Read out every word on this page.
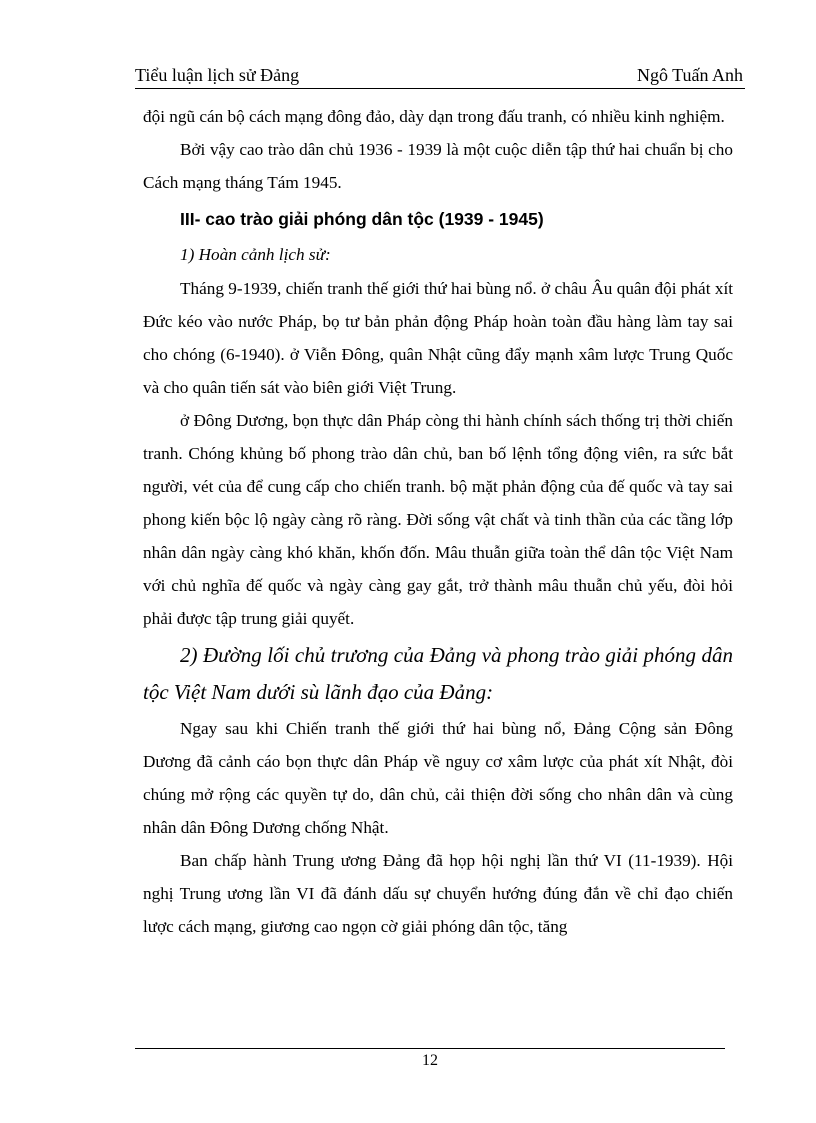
Tiểu luận lịch sử Đảng	Ngô Tuấn Anh

đội ngũ cán bộ cách mạng đông đảo, dày dạn trong đấu tranh, có nhiều kinh nghiệm.

Bởi vậy cao trào dân chủ 1936 - 1939 là một cuộc diễn tập thứ hai chuẩn bị cho Cách mạng tháng Tám 1945.

III- cao trào giải phóng dân tộc (1939 - 1945)
1) Hoàn cảnh lịch sử:

Tháng 9-1939, chiến tranh thế giới thứ hai bùng nổ. ở châu Âu quân đội phát xít Đức kéo vào nước Pháp, bọ tư bản phản động Pháp hoàn toàn đầu hàng làm tay sai cho chóng (6-1940). ở Viễn Đông, quân Nhật cũng đẩy mạnh xâm lược Trung Quốc và cho quân tiến sát vào biên giới Việt Trung.

ở Đông Dương, bọn thực dân Pháp còng thi hành chính sách thống trị thời chiến tranh. Chóng khủng bố phong trào dân chủ, ban bố lệnh tổng động viên, ra sức bắt người, vét của để cung cấp cho chiến tranh. bộ mặt phản động của đế quốc và tay sai phong kiến bộc lộ ngày càng rõ ràng. Đời sống vật chất và tinh thần của các tầng lớp nhân dân ngày càng khó khăn, khốn đốn. Mâu thuẫn giữa toàn thể dân tộc Việt Nam với chủ nghĩa đế quốc và ngày càng gay gắt, trở thành mâu thuẫn chủ yếu, đòi hỏi phải được tập trung giải quyết.

2) Đường lối chủ trương của Đảng và phong trào giải phóng dân tộc Việt Nam dưới sù lãnh đạo của Đảng:

Ngay sau khi Chiến tranh thế giới thứ hai bùng nổ, Đảng Cộng sản Đông Dương đã cảnh cáo bọn thực dân Pháp về nguy cơ xâm lược của phát xít Nhật, đòi chúng mở rộng các quyền tự do, dân chủ, cải thiện đời sống cho nhân dân và cùng nhân dân Đông Dương chống Nhật.

Ban chấp hành Trung ương Đảng đã họp hội nghị lần thứ VI (11-1939). Hội nghị Trung ương lần VI đã đánh dấu sự chuyển hướng đúng đắn về chỉ đạo chiến lược cách mạng, giương cao ngọn cờ giải phóng dân tộc, tăng

12
